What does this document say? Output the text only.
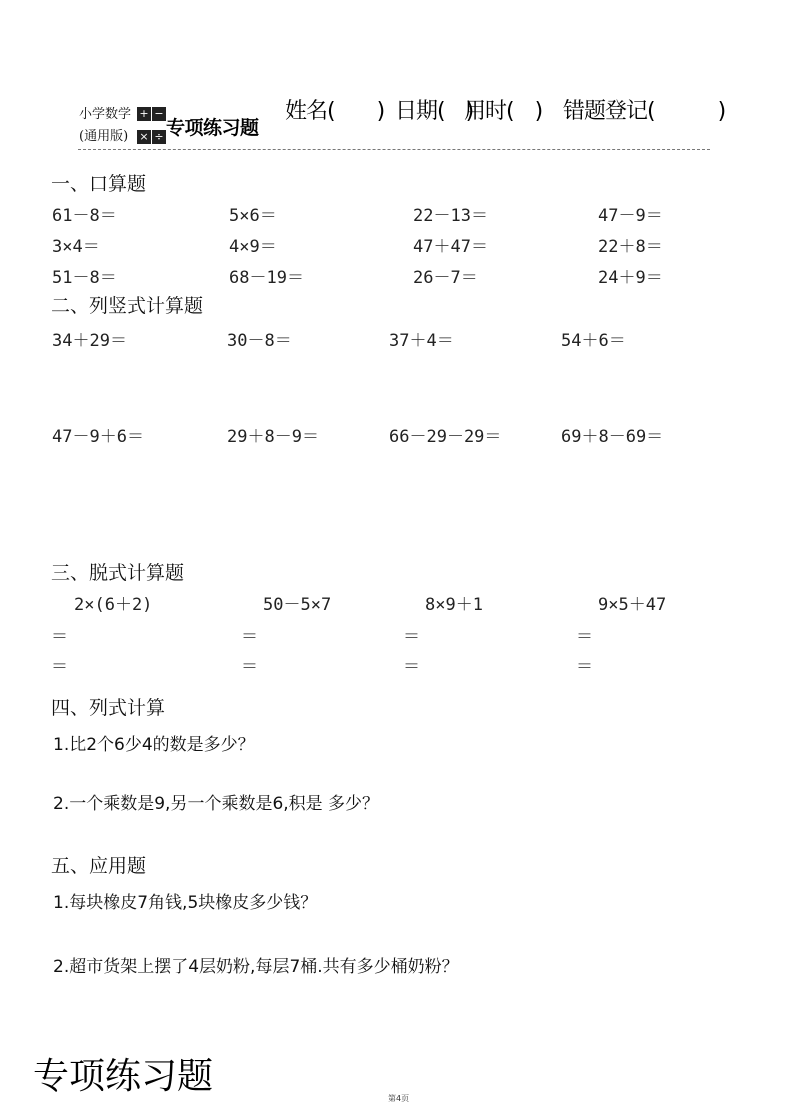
小学数学
(通用版)
+ −
× ÷ 专项练习题
姓名(　　) 日期(　)
用时(　) 错题登记(　　　)
一、口算题
61－8＝	5×6＝	22－13＝	47－9＝
3×4＝	4×9＝	47＋47＝	22＋8＝
51－8＝	68－19＝	26－7＝	24＋9＝
二、列竖式计算题
34＋29＝	30－8＝	37＋4＝	54＋6＝
47－9＋6＝	29＋8－9＝	66－29－29＝	69＋8－69＝
三、脱式计算题
2×(6＋2)	50－5×7	8×9＋1	9×5＋47
＝	＝	＝	＝
＝	＝	＝	＝
四、列式计算
1.比2个6少4的数是多少？
2.一个乘数是9,另一个乘数是6,积是 多少？
五、应用题
1.每块橡皮7角钱,5块橡皮多少钱？
2.超市货架上摆了4层奶粉,每层7桶.共有多少桶奶粉？
专项练习题
第4页
